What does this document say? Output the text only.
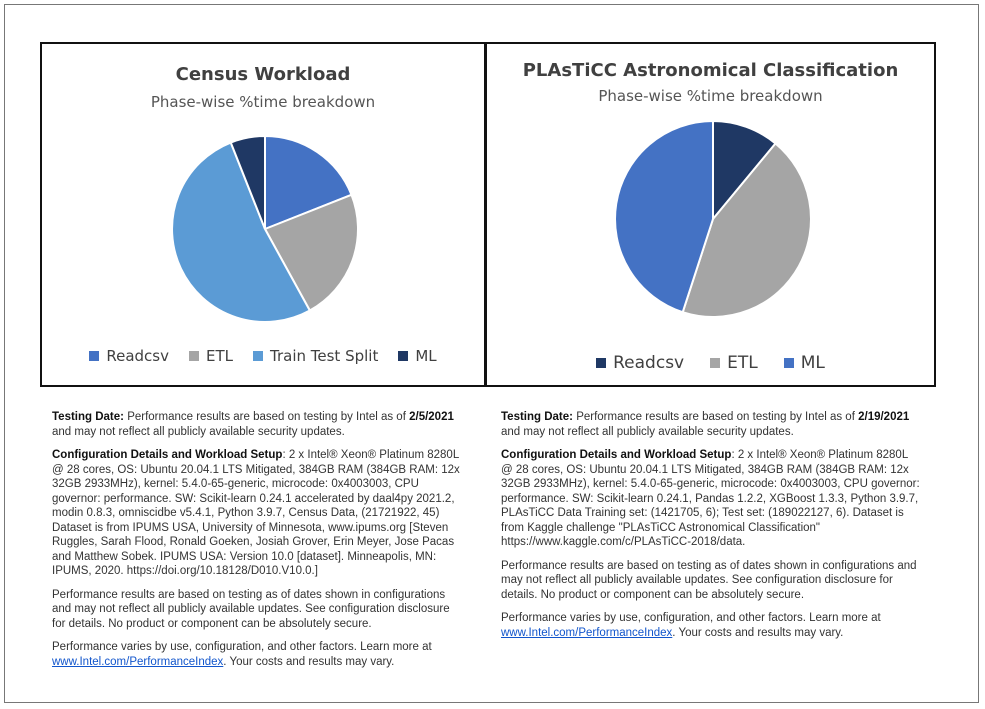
Census Workload
Phase-wise %time breakdown
Readcsv ETL Train Test Split ML
PLAsTiCC Astronomical Classification
Phase-wise %time breakdown
Readcsv	ETL	ML

Testing Date: Performance results are based on testing by Intel as of 2/5/2021 and may not reflect all publicly available security updates.

Configuration Details and Workload Setup: 2 x Intel® Xeon® Platinum 8280L @ 28 cores, OS: Ubuntu 20.04.1 LTS Mitigated, 384GB RAM (384GB RAM: 12x 32GB 2933MHz), kernel: 5.4.0-65-generic, microcode: 0x4003003, CPU governor: performance. SW: Scikit-learn 0.24.1 accelerated by daal4py 2021.2, modin 0.8.3, omniscidbe v5.4.1, Python 3.9.7, Census Data, (21721922, 45) Dataset is from IPUMS USA, University of Minnesota, www.ipums.org [Steven Ruggles, Sarah Flood, Ronald Goeken, Josiah Grover, Erin Meyer, Jose Pacas and Matthew Sobek. IPUMS USA: Version 10.0 [dataset]. Minneapolis, MN: IPUMS, 2020. https://doi.org/10.18128/D010.V10.0.]

Performance results are based on testing as of dates shown in configurations and may not reflect all publicly available updates. See configuration disclosure for details. No product or component can be absolutely secure.

Performance varies by use, configuration, and other factors. Learn more at www.Intel.com/PerformanceIndex. Your costs and results may vary.

Testing Date: Performance results are based on testing by Intel as of 2/19/2021 and may not reflect all publicly available security updates.

Configuration Details and Workload Setup: 2 x Intel® Xeon® Platinum 8280L @ 28 cores, OS: Ubuntu 20.04.1 LTS Mitigated, 384GB RAM (384GB RAM: 12x 32GB 2933MHz), kernel: 5.4.0-65-generic, microcode: 0x4003003, CPU governor: performance. SW: Scikit-learn 0.24.1, Pandas 1.2.2, XGBoost 1.3.3, Python 3.9.7, PLAsTiCC Data Training set: (1421705, 6); Test set: (189022127, 6). Dataset is from Kaggle challenge "PLAsTiCC Astronomical Classification" https://www.kaggle.com/c/PLAsTiCC-2018/data.

Performance results are based on testing as of dates shown in configurations and may not reflect all publicly available updates. See configuration disclosure for details. No product or component can be absolutely secure.

Performance varies by use, configuration, and other factors. Learn more at www.Intel.com/PerformanceIndex. Your costs and results may vary.
